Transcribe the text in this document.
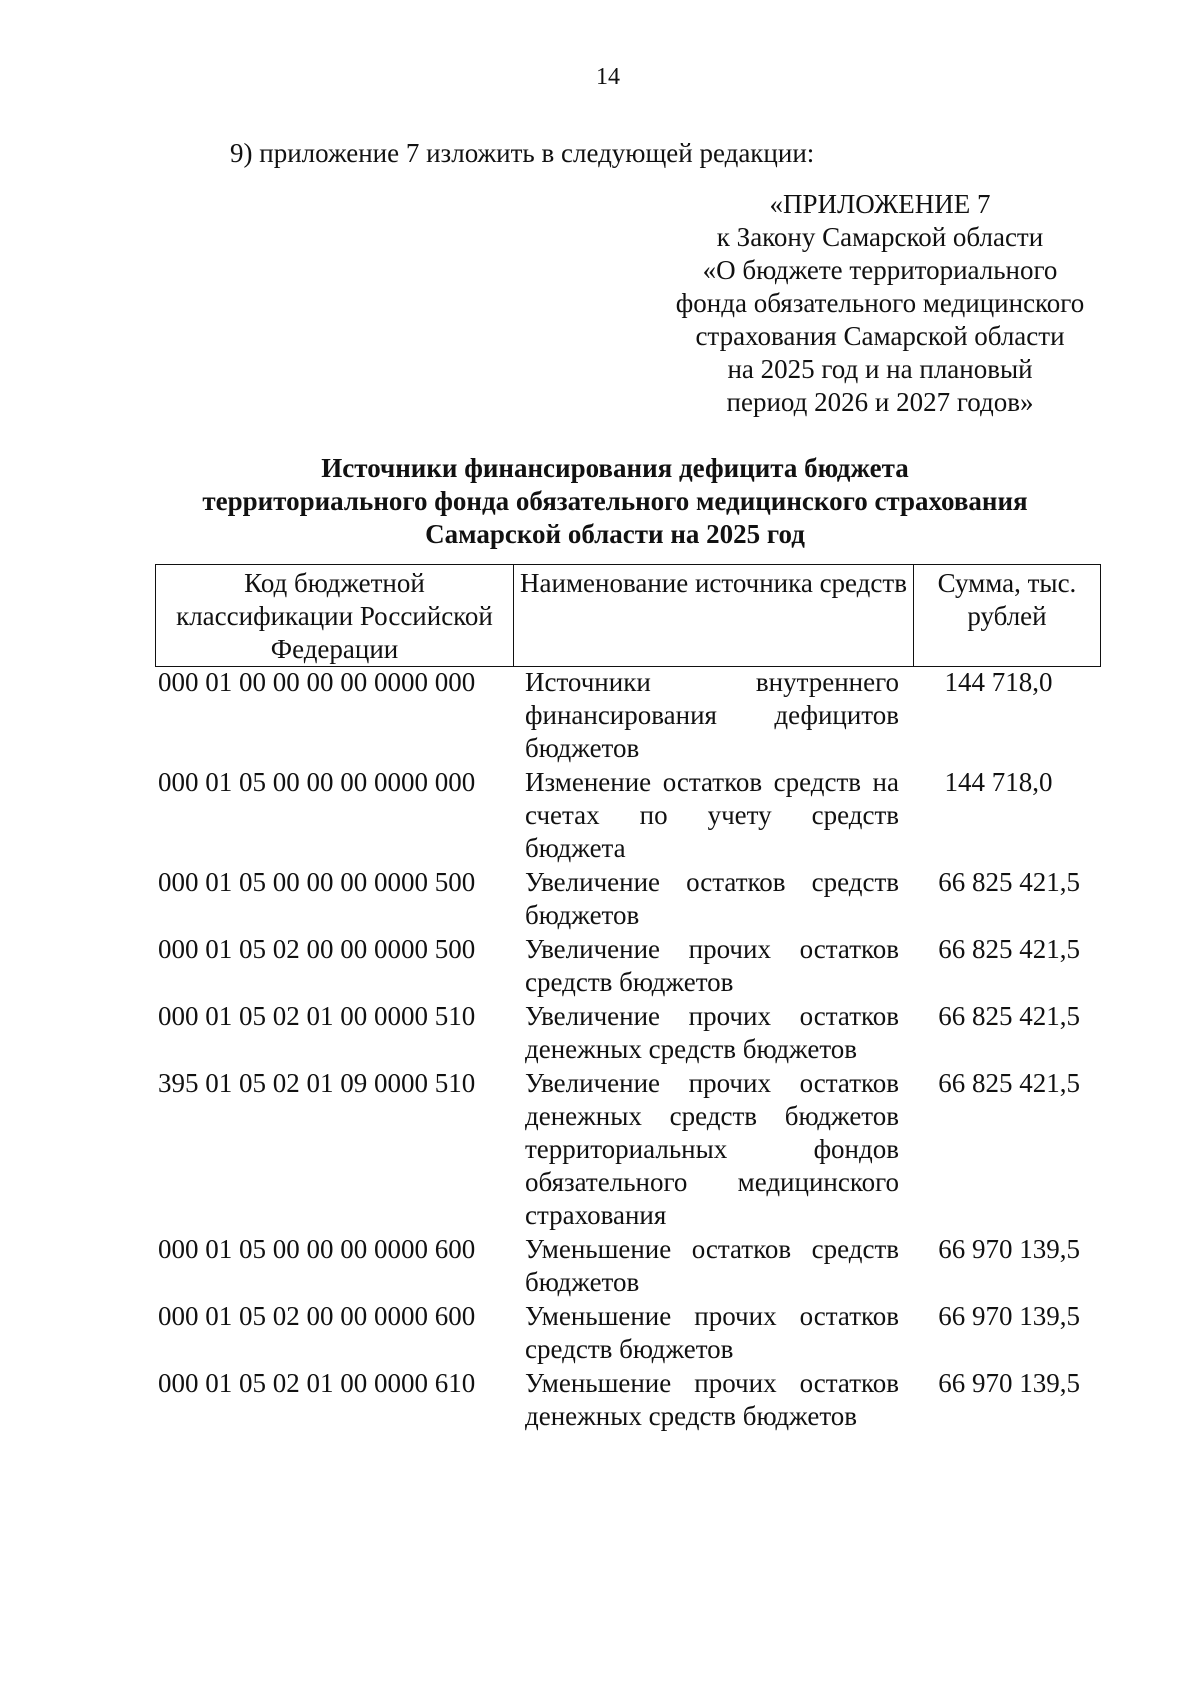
14
9) приложение 7 изложить в следующей редакции:
«ПРИЛОЖЕНИЕ 7
к Закону Самарской области
«О бюджете территориального
фонда обязательного медицинского
страхования Самарской области
на 2025 год и на плановый
период 2026 и 2027 годов»
Источники финансирования дефицита бюджета
территориального фонда обязательного медицинского страхования
Самарской области на 2025 год
Код бюджетной классификации Российской Федерации	Наименование источника средств	Сумма, тыс. рублей
000 01 00 00 00 00 0000 000	Источники внутреннего финансирования дефицитов бюджетов	144 718,0
000 01 05 00 00 00 0000 000	Изменение остатков средств на счетах по учету средств бюджета	144 718,0
000 01 05 00 00 00 0000 500	Увеличение остатков средств бюджетов	66 825 421,5
000 01 05 02 00 00 0000 500	Увеличение прочих остатков средств бюджетов	66 825 421,5
000 01 05 02 01 00 0000 510	Увеличение прочих остатков денежных средств бюджетов	66 825 421,5
395 01 05 02 01 09 0000 510	Увеличение прочих остатков денежных средств бюджетов территориальных фондов обязательного медицинского страхования	66 825 421,5
000 01 05 00 00 00 0000 600	Уменьшение остатков средств бюджетов	66 970 139,5
000 01 05 02 00 00 0000 600	Уменьшение прочих остатков средств бюджетов	66 970 139,5
000 01 05 02 01 00 0000 610	Уменьшение прочих остатков денежных средств бюджетов	66 970 139,5
